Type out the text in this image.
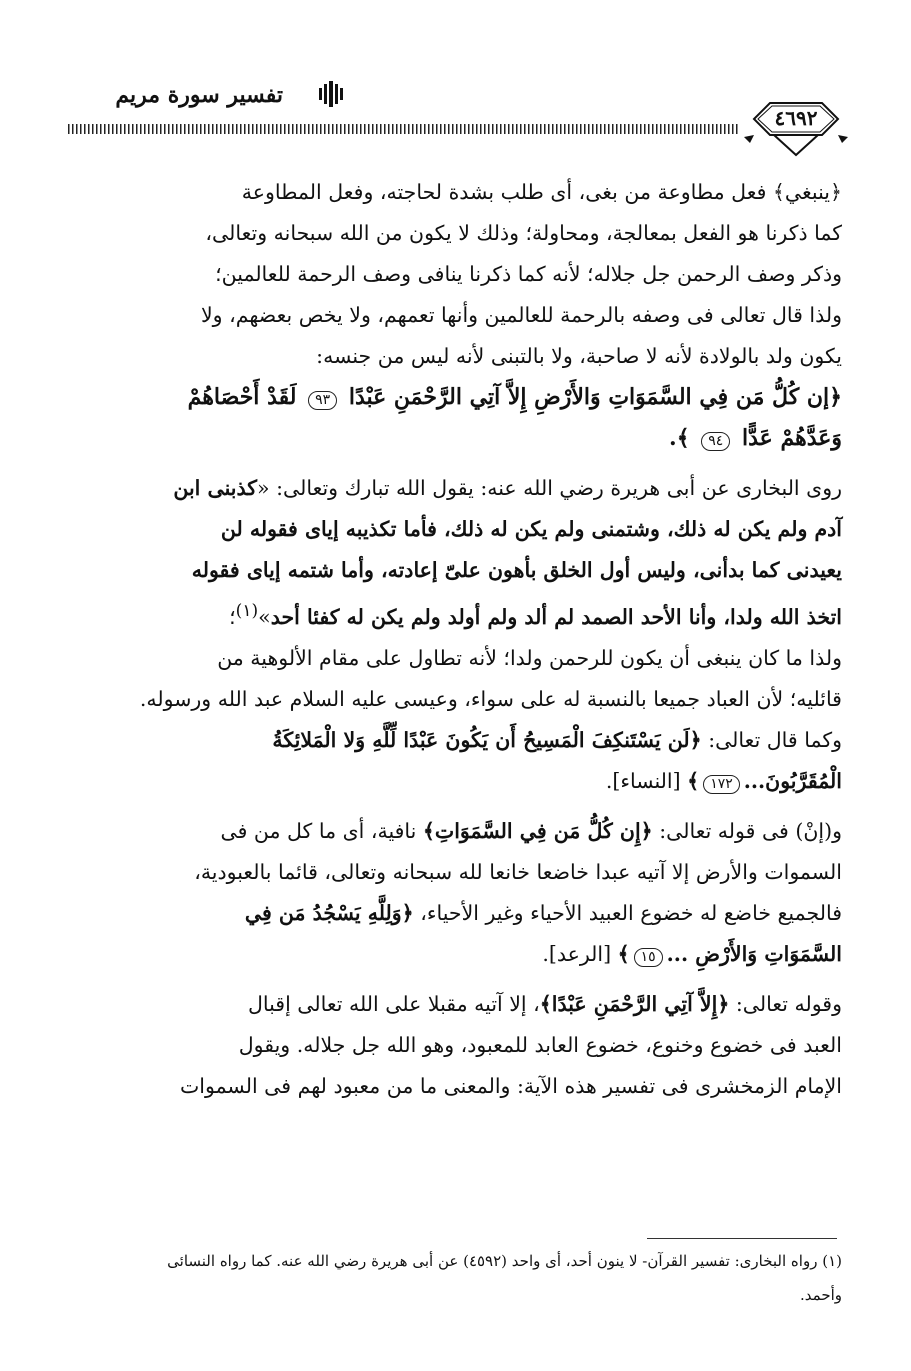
تفسير سورة مريم
٤٦٩٢

﴿ينبغي﴾ فعل مطاوعة من بغى، أى طلب بشدة لحاجته، وفعل المطاوعة

كما ذكرنا هو الفعل بمعالجة، ومحاولة؛ وذلك لا يكون من الله سبحانه وتعالى،

وذكر وصف الرحمن جل جلاله؛ لأنه كما ذكرنا ينافى وصف الرحمة للعالمين؛

ولذا قال تعالى فى وصفه بالرحمة للعالمين وأنها تعمهم، ولا يخص بعضهم، ولا

يكون ولد بالولادة لأنه لا صاحبة، ولا بالتبنى لأنه ليس من جنسه:

﴿إن كُلُّ مَن فِي السَّمَوَاتِ وَالأَرْضِ إِلاَّ آتِي الرَّحْمَنِ عَبْدًا ٩٣ لَقَدْ أَحْصَاهُمْ

وَعَدَّهُمْ عَدًّا ٩٤ ﴾.

روى البخارى عن أبى هريرة رضي الله عنه: يقول الله تبارك وتعالى: «كذبنى ابن

آدم ولم يكن له ذلك، وشتمنى ولم يكن له ذلك، فأما تكذيبه إياى فقوله لن

يعيدنى كما بدأنى، وليس أول الخلق بأهون علىّ إعادته، وأما شتمه إياى فقوله

اتخذ الله ولدا، وأنا الأحد الصمد لم ألد ولم أولد ولم يكن له كفئا أحد»$^{(١)}$؛

ولذا ما كان ينبغى أن يكون للرحمن ولدا؛ لأنه تطاول على مقام الألوهية من

قائليه؛ لأن العباد جميعا بالنسبة له على سواء، وعيسى عليه السلام عبد الله ورسوله.

وكما قال تعالى: ﴿لَن يَسْتَنكِفَ الْمَسِيحُ أَن يَكُونَ عَبْدًا لِّلَّهِ وَلا الْمَلائِكَةُ

الْمُقَرَّبُونَ...١٧٢﴾ [النساء].

و(إنْ) فى قوله تعالى: ﴿إِن كُلُّ مَن فِي السَّمَوَاتِ﴾ نافية، أى ما كل من فى

السموات والأرض إلا آتيه عبدا خاضعا خانعا لله سبحانه وتعالى، قائما بالعبودية،

فالجميع خاضع له خضوع العبيد الأحياء وغير الأحياء، ﴿وَلِلَّهِ يَسْجُدُ مَن فِي

السَّمَوَاتِ وَالأَرْضِ ...١٥﴾ [الرعد].

وقوله تعالى: ﴿إِلاَّ آتِي الرَّحْمَنِ عَبْدًا﴾، إلا آتيه مقبلا على الله تعالى إقبال

العبد فى خضوع وخنوع، خضوع العابد للمعبود، وهو الله جل جلاله. ويقول

الإمام الزمخشرى فى تفسير هذه الآية: والمعنى ما من معبود لهم فى السموات

(١) رواه البخارى: تفسير القرآن- لا ينون أحد، أى واحد (٤٥٩٢) عن أبى هريرة رضي الله عنه. كما رواه النسائى

وأحمد.
